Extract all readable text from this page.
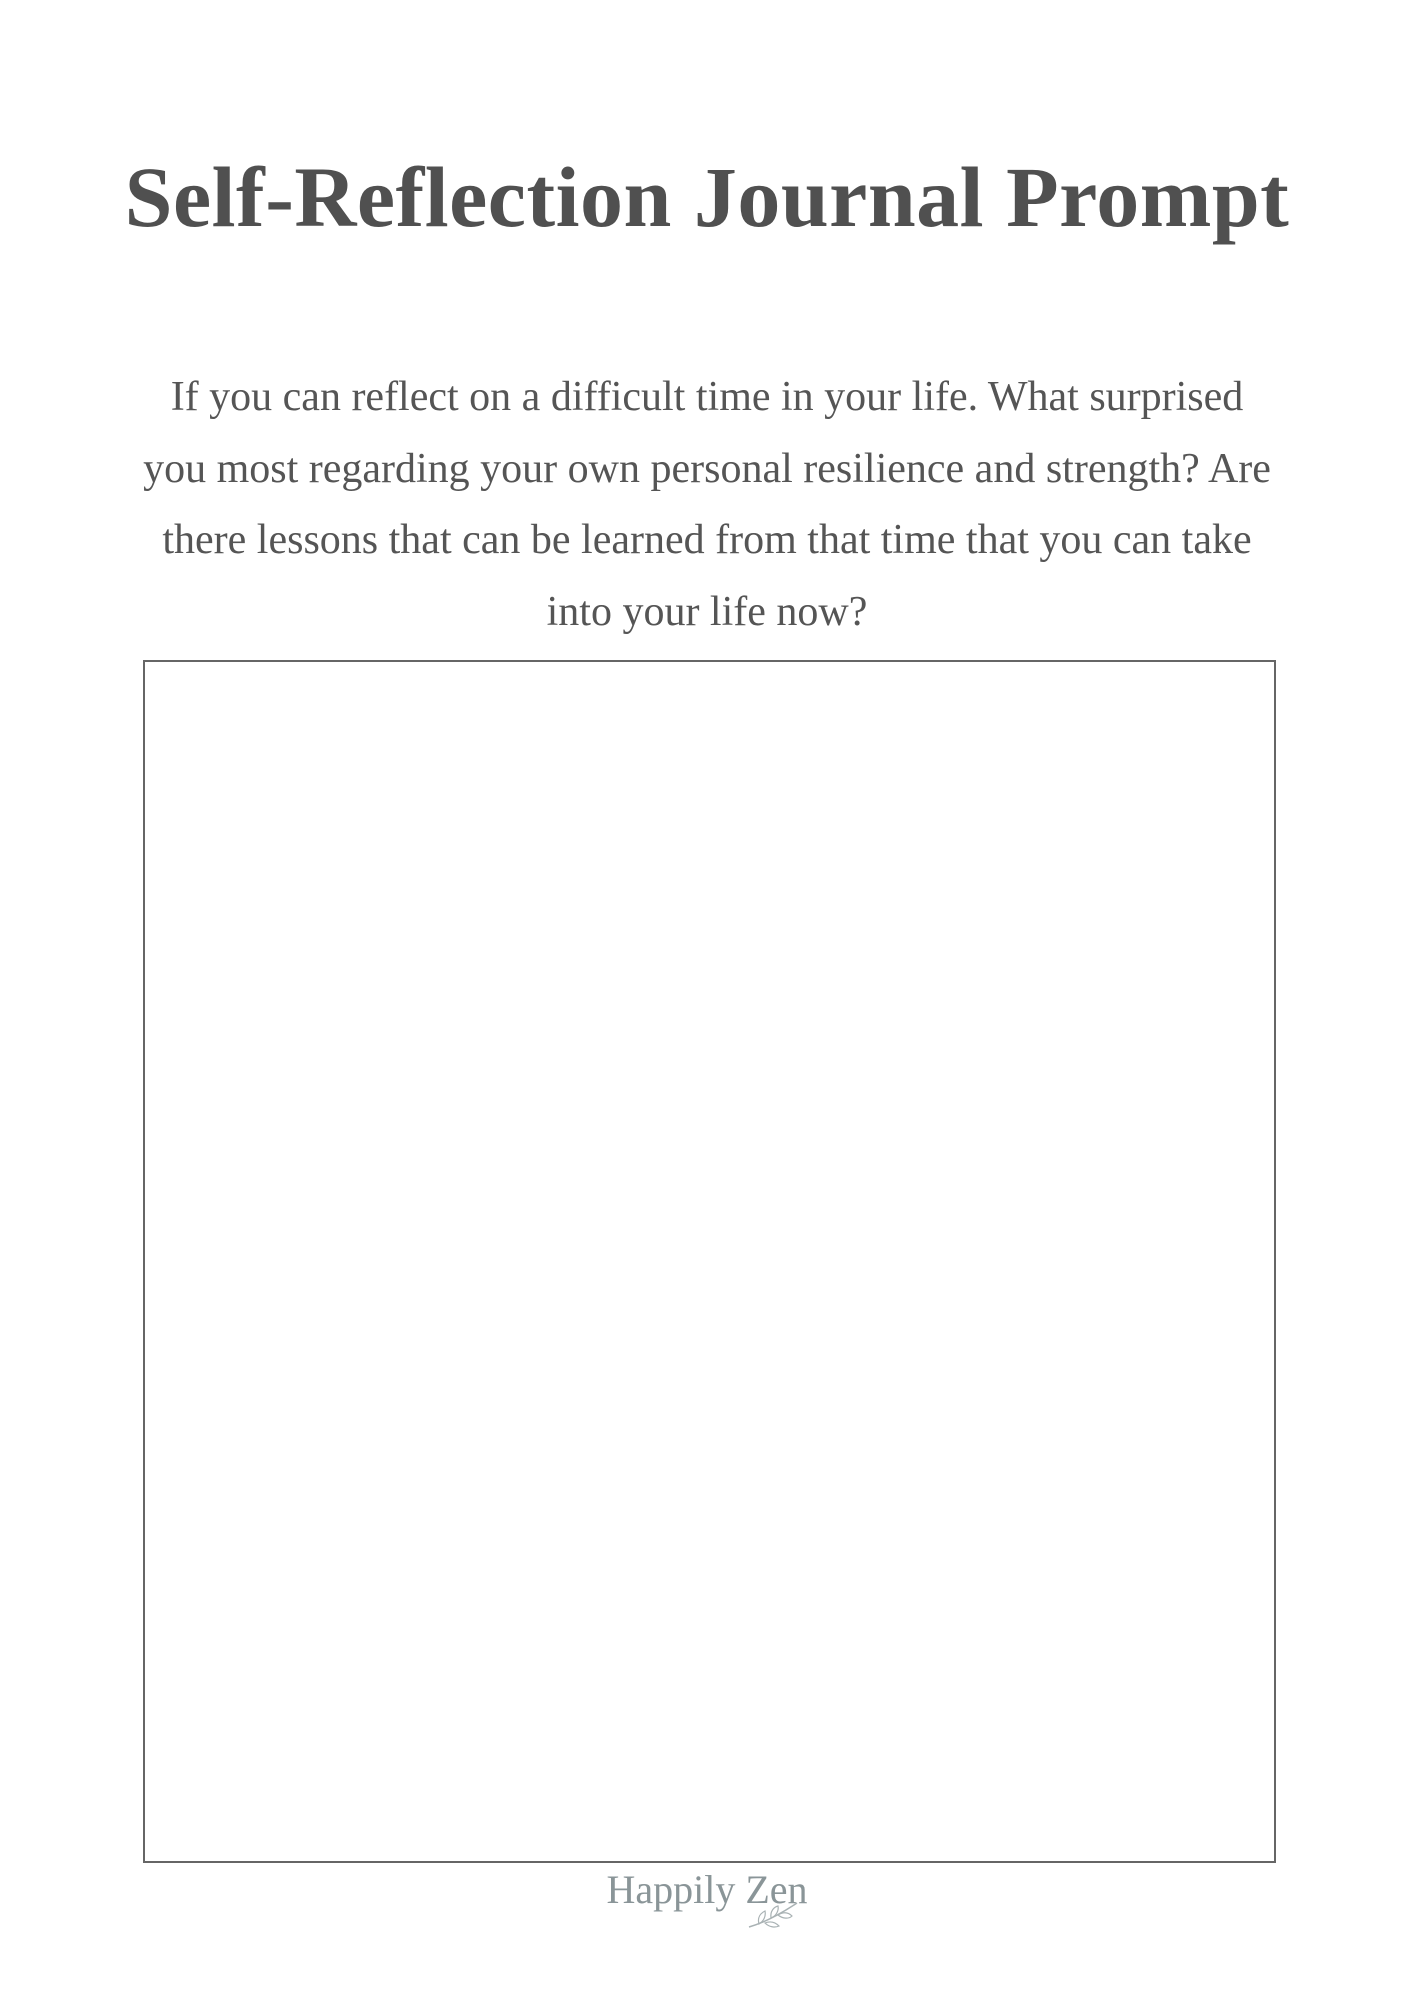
Self-Reflection Journal Prompt
If you can reflect on a difficult time in your life. What surprised you most regarding your own personal resilience and strength? Are there lessons that can be learned from that time that you can take into your life now?
Happily Zen
